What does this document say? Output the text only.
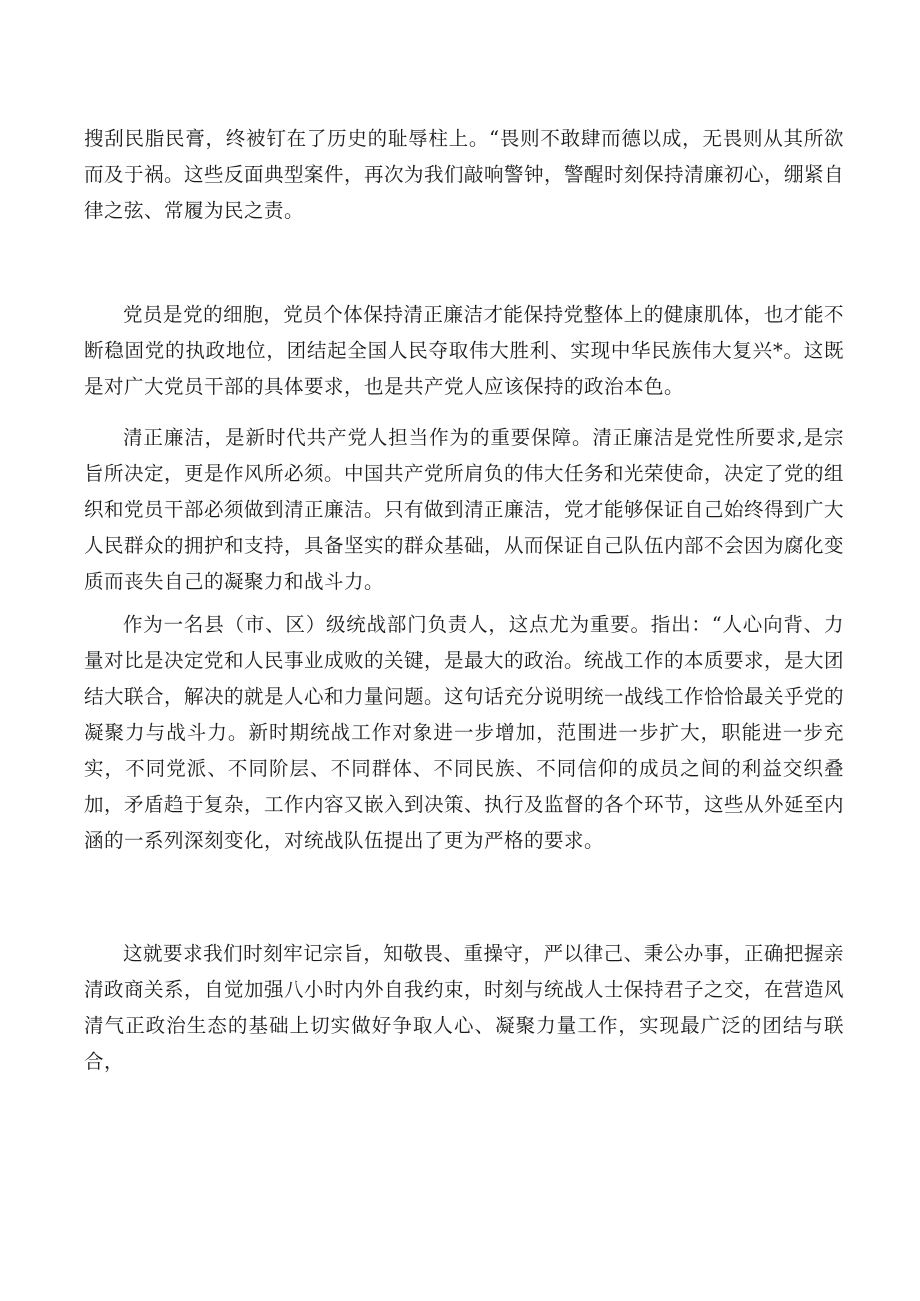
搜刮民脂民膏，终被钉在了历史的耻辱柱上。“畏则不敢肆而德以成，无畏则从其所欲而及于祸。这些反面典型案件，再次为我们敲响警钟，警醒时刻保持清廉初心，绷紧自律之弦、常履为民之责。

党员是党的细胞，党员个体保持清正廉洁才能保持党整体上的健康肌体，也才能不断稳固党的执政地位，团结起全国人民夺取伟大胜利、实现中华民族伟大复兴*。这既是对广大党员干部的具体要求，也是共产党人应该保持的政治本色。

清正廉洁，是新时代共产党人担当作为的重要保障。清正廉洁是党性所要求,是宗旨所决定，更是作风所必须。中国共产党所肩负的伟大任务和光荣使命，决定了党的组织和党员干部必须做到清正廉洁。只有做到清正廉洁，党才能够保证自己始终得到广大人民群众的拥护和支持，具备坚实的群众基础，从而保证自己队伍内部不会因为腐化变质而丧失自己的凝聚力和战斗力。

作为一名县（市、区）级统战部门负责人，这点尤为重要。指出：“人心向背、力量对比是决定党和人民事业成败的关键，是最大的政治。统战工作的本质要求，是大团结大联合，解决的就是人心和力量问题。这句话充分说明统一战线工作恰恰最关乎党的凝聚力与战斗力。新时期统战工作对象进一步增加，范围进一步扩大，职能进一步充实，不同党派、不同阶层、不同群体、不同民族、不同信仰的成员之间的利益交织叠加，矛盾趋于复杂，工作内容又嵌入到决策、执行及监督的各个环节，这些从外延至内涵的一系列深刻变化，对统战队伍提出了更为严格的要求。

这就要求我们时刻牢记宗旨，知敬畏、重操守，严以律己、秉公办事，正确把握亲清政商关系，自觉加强八小时内外自我约束，时刻与统战人士保持君子之交，在营造风清气正政治生态的基础上切实做好争取人心、凝聚力量工作，实现最广泛的团结与联合，
